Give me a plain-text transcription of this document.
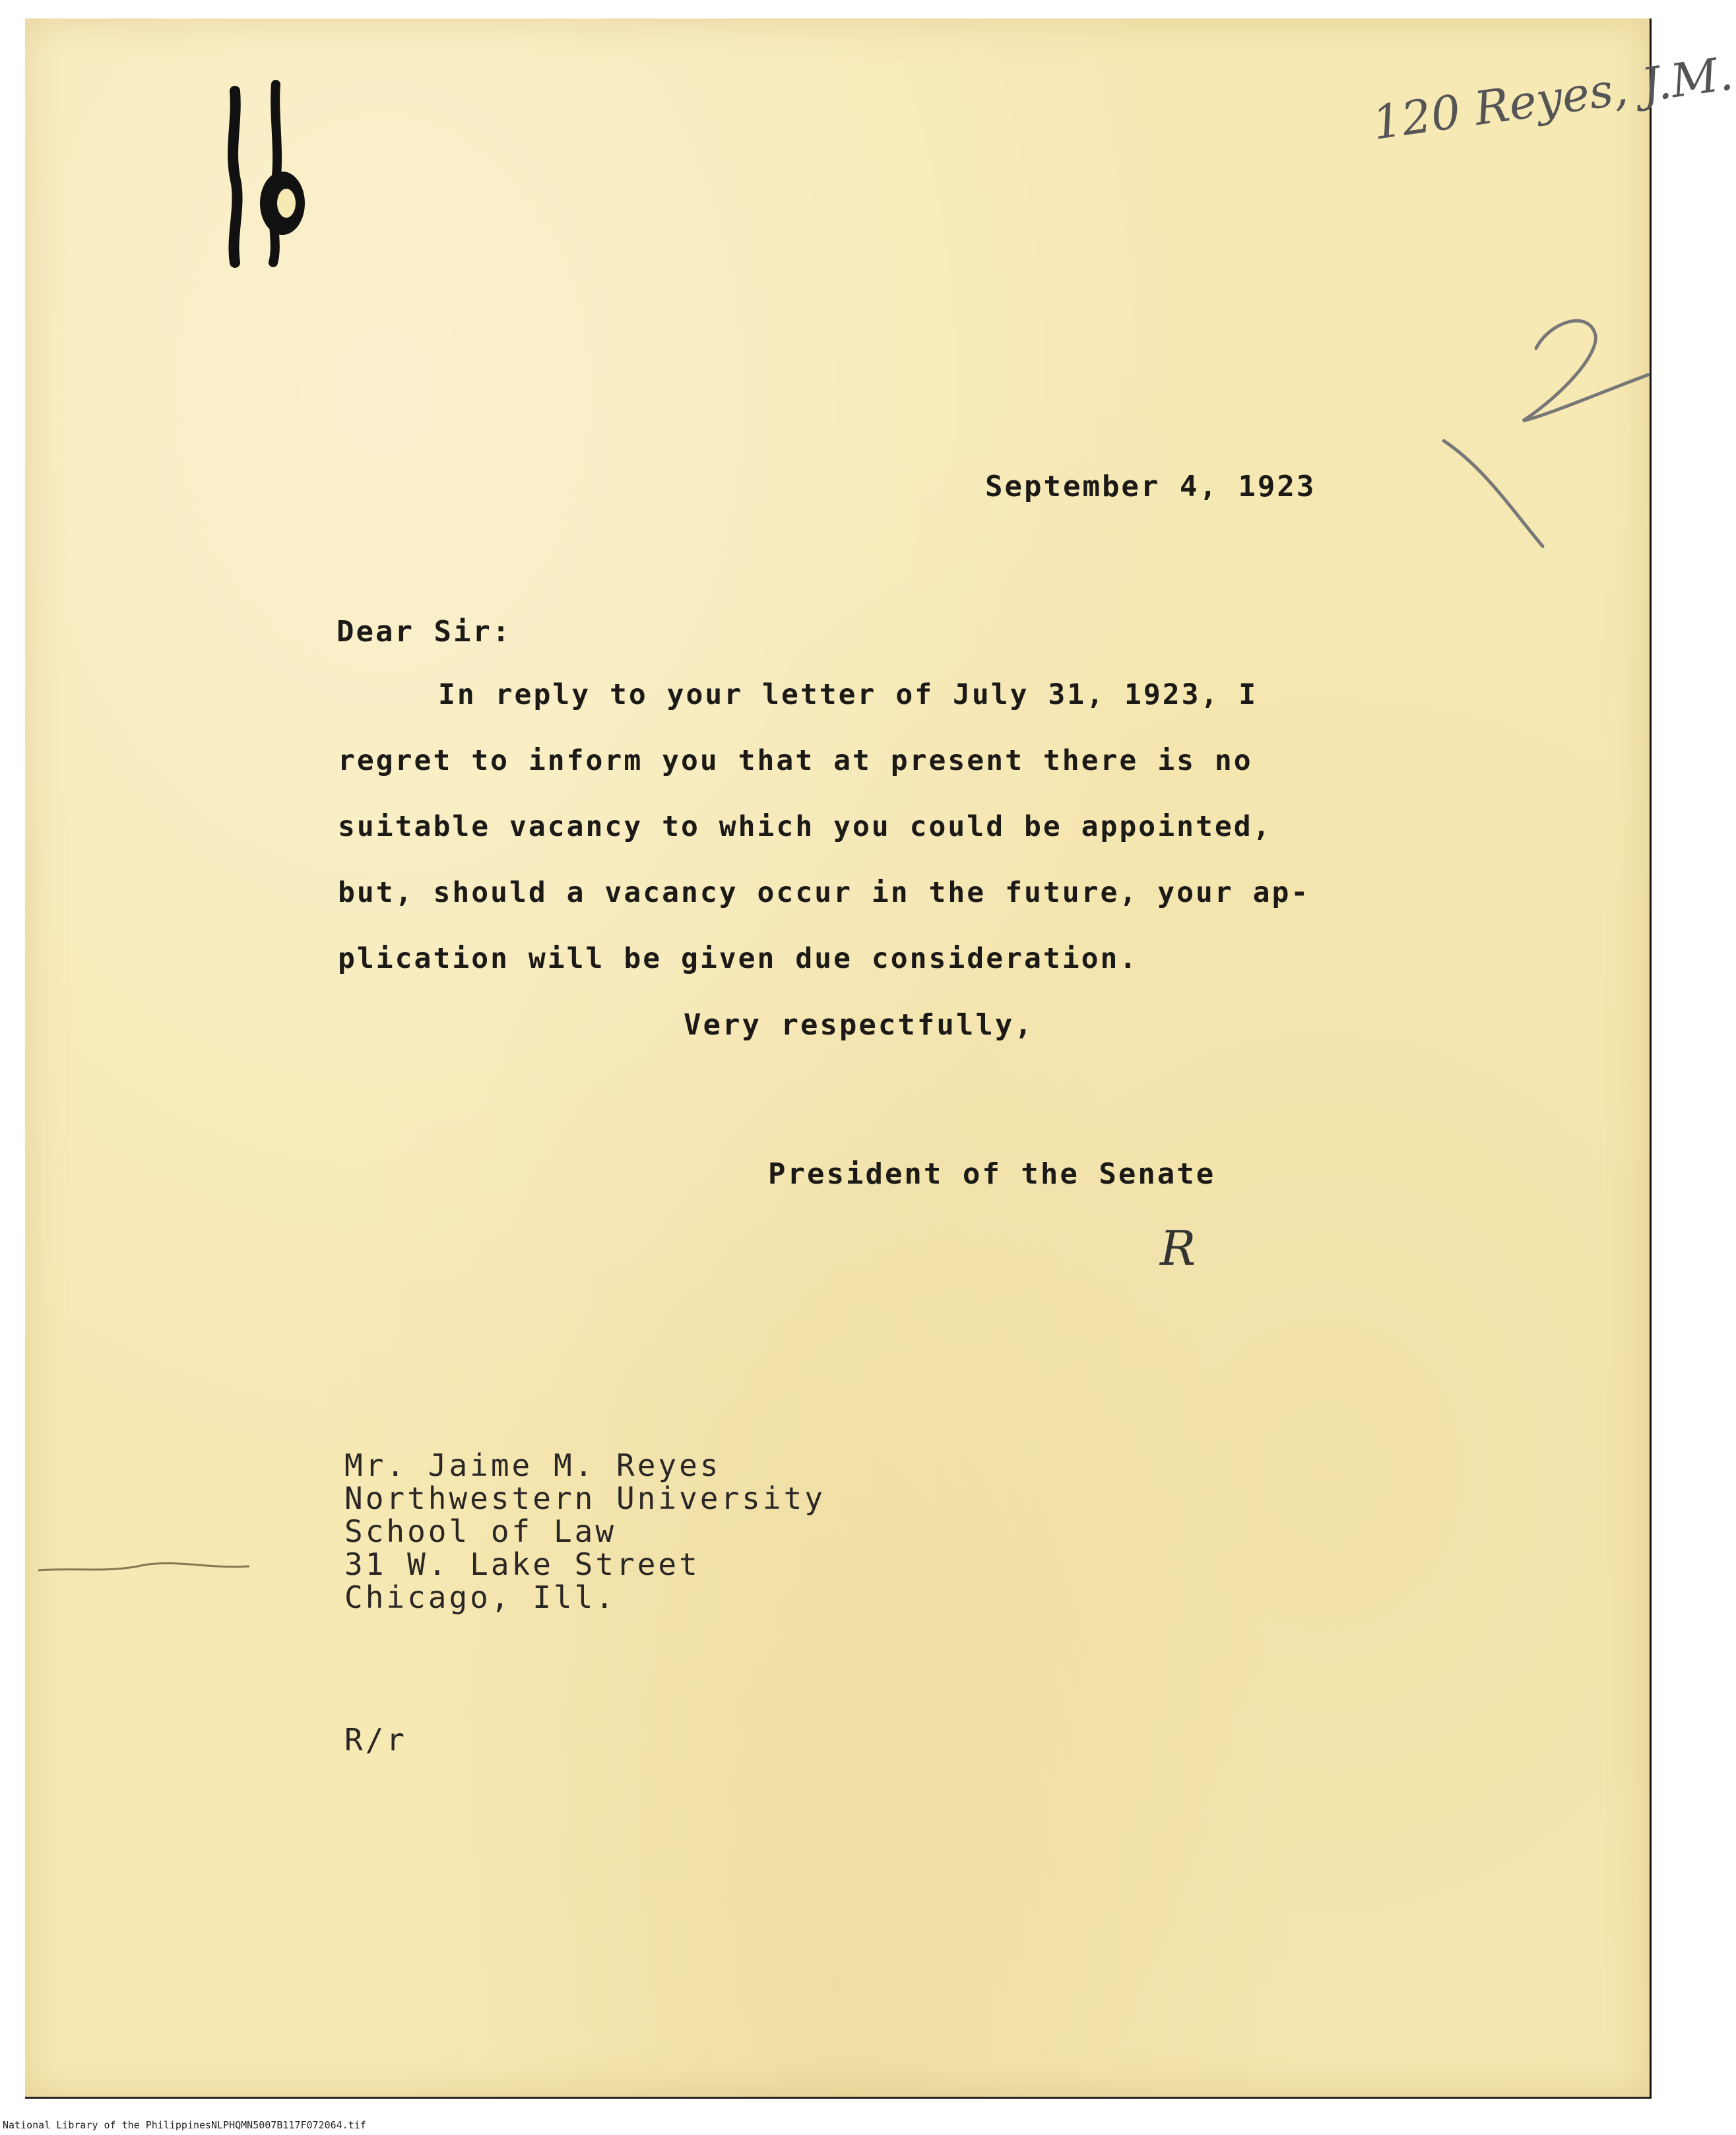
120 Reyes, J.M.
September 4, 1923
Dear Sir:
In reply to your letter of July 31, 1923, I
regret to inform you that at present there is no
suitable vacancy to which you could be appointed,
but, should a vacancy occur in the future, your ap-
plication will be given due consideration.
Very respectfully,
President of the Senate
R
Mr. Jaime M. Reyes
Northwestern University
School of Law
31 W. Lake Street
Chicago, Ill.
R/r
National Library of the Philippines NLPHQMN5007B117F072064.tif
